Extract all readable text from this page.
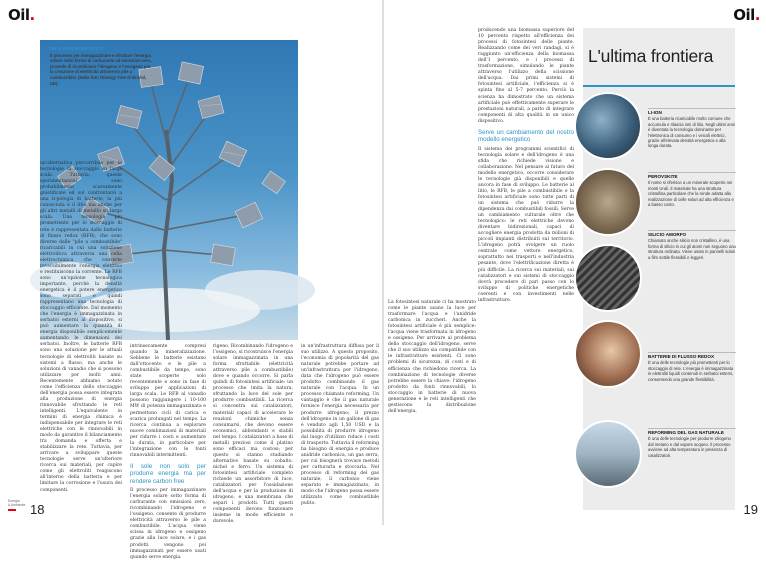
Oil.	Oil.
UN ALBERO ENERGETICO
Il processo per immagazzinare e sfruttare l'energia solare sotto forma di carburante ad emissioni zero, provede di ricombinare l'idrogeno e l'ossigeno per la creazione di elettricità attraverso pile a combustibile. (Nella foto l'Energy Tree di Bristol, UK).

un'alternativa percorribile per le tecnologie di stoccaggio su larga scala. Tuttavia, queste sperimentazioni sono probabilmente scarsamente giustificate ed sul confrontarsi a una ti-pologia di batterie, la più conosciuta è il litio ma anche per gli altri metalli di metallo su larga scala. Una tecnologia più promettente per lo stoccaggio di rete è rappresentata dalle batterie di flusso redox (RFB), che sono diverse dalle "pile a combustibile" ricaricabili in cui una soluzione elettrolitica attraversa una cella elettrochimica che converte reversibilmente l'energia elettrica e restituiscono la corrente. Le RFB sono un'opzione tecnologica importante, perché la densità energetica è il potere energetico sono separati e quindi rappresentano una tecnologia di stoccaggio efficiente. Dal momento che l'energia è immagazzinata in serbatoi esterni al dispositivo, si può aumentare la quantità di energia disponibile semplicemente aumentando le dimensioni dei serbatoi. Inoltre, le batterie RFB sono una soluzione per le attuali tecnologie di elettroliti basate su sistemi a flusso, ma anche le soluzioni di vanadio che si possono utilizzare per molti anni. Recentemente abbiamo notato come l'efficienza dello stoccaggio dell'energia possa essere integrata alla produzione di energia rinnovabile sfruttando le reti intelligenti. L'equivalente in termini di energia chimica è indispensabile per integrare le reti elettriche con le rinnovabili in modo da garantire il bilanciamento tra domanda e offerta e stabilizzare la rete. Tuttavia, per arrivare a sviluppare queste tecnologie serve un'ulteriore ricerca sui materiali, per capire come gli elettroliti reagiscono all'interno della batteria e per limitare la corrosione e l'usura dei componenti.

intrinsecamente compresi quando la mineralizzazione. Sebbene le batterie esistano dall'ottocento e le pile a combustibile da tempo, sono state scoperte solo recentemente e sono in fase di sviluppo per applicazioni di larga scala. Le RFB al vanadio possono raggiungere i 10-100 MW di potenza immagazzinata e permettono cicli di carica e scarica prolungati nel tempo. La ricerca continua a esplorare nuove combinazioni di materiali per ridurre i costi e aumentare la durata, in particolare per l'integrazione con le fonti rinnovabili intermittenti.

Il sole non solo per produrre energia ma per rendere carbon free

Il processo per immagazzinare l'energia solare sotto forma di carburante con emissioni zero, ricombinando l'idrogeno e l'ossigeno, consente di produrre elettricità attraverso le pile a combustibile. L'acqua viene scissa in idrogeno e ossigeno grazie alla luce solare, e i gas prodotti vengono poi immagazzinati per essere usati quando serve energia.

rigeno. Ricombinando l'idrogeno e l'ossigeno, si ricostruisce l'energia solare immagazzinata in una forma sfruttabile (elettricità attraverso pile a combustibile) dove e quando occorre. Si parla quindi di fotosintesi artificiale: un processo che imita la natura, sfruttando la luce del sole per produrre combustibili. La ricerca si concentra sui catalizzatori, materiali capaci di accelerare le reazioni chimiche senza consumarsi, che devono essere economici, abbondanti e stabili nel tempo. I catalizzatori a base di metalli preziosi come il platino sono efficaci ma costosi; per questo si stanno studiando alternative basate su cobalto, nichel e ferro. Un sistema di fotosintesi artificiale completo richiede un assorbitore di luce, catalizzatori per l'ossidazione dell'acqua e per la produzione di idrogeno, e una membrana che separi i prodotti. Tutti questi componenti devono funzionare insieme in modo efficiente e durevole.

in un'infrastruttura diffusa per il suo utilizzo. A questo proposito, l'economia di popolarità del gas naturale potrebbe portare ad un'infrastruttura per l'idrogeno, data che l'idrogeno può essere prodotto combinando il gas naturale con l'acqua. In un processo chiamato reforming. Un vantaggio è che il gas naturale fornisce l'energia necessaria per produrre idrogeno; il prezzo dell'idrogeno in un gallone di gas è venduto agli 1,50 USD e la possibilità di produrre idrogeno dal luogo d'utilizzo riduce i costi di trasporto. Tuttavia il reforming ha bisogno di energia e produce anidride carbonica, un gas serra, per cui bisognerà trovare metodi per catturarla e stoccarla. Nel processo di reforming del gas naturale, il carbonio viene separato e immagazzinato, in modo che l'idrogeno possa essere utilizzato come combustibile pulito.

La fotosintesi naturale ci ha mostrato come le piante usano la luce per trasformare l'acqua e l'anidride carbonica in zuccheri. Anche la fotosintesi artificiale è più semplice: l'acqua viene trasformata in idrogeno e ossigeno. Per arrivare al problema dello stoccaggio dell'idrogeno, serve che il suo utilizzo sia compatibile con le infrastrutture esistenti. Ci sono problemi di sicurezza, di costi e di efficienza che richiedono ricerca. La combinazione di tecnologie diverse potrebbe essere la chiave: l'idrogeno prodotto da fonti rinnovabili, lo stoccaggio in batterie di nuova generazione e le reti intelligenti che gestiscono la distribuzione dell'energia.

producendo una biomassa superiore del 10 percento rispetto all'efficienza dei processi di fotosintesi delle piante. Realizzando come dei veri randagi, si è raggiunto un'efficienza della biomassa dell'1 percento, e i processi di trasformazione, simulando le piante attraverso l'utilizzo della scissione dell'acqua. Dai primi sistemi di fotosintesi artificiale, l'efficienza si è spinta fino al 5-7 percento. Perciò la scienza ha dimostrato che un sistema artificiale può effettivamente superare le prestazioni naturali, a patto di integrare componenti di alta qualità in un unico dispositivo.

Serve un cambiamento del nostro modello energetico

Il sistema dei programmi scientifici di tecnologia solare e dell'idrogeno è una sfida che richiede visione e collaborazione. Nel pensare al futuro del modello energetico, occorre considerare le tecnologie già disponibili e quelle ancora in fase di sviluppo. Le batterie al litio, le RFB, le pile a combustibile e la fotosintesi artificiale sono tutte parti di un sistema che può ridurre la dipendenza dai combustibili fossili. Serve un cambiamento culturale oltre che tecnologico: le reti elettriche devono diventare bidirezionali, capaci di accogliere energia prodotta da milioni di piccoli impianti distribuiti sul territorio. L'idrogeno potrà svolgere un ruolo centrale come vettore energetico, soprattutto nei trasporti e nell'industria pesante, dove l'elettrificazione diretta è più difficile. La ricerca sui materiali, sui catalizzatori e sui sistemi di stoccaggio dovrà procedere di pari passo con lo sviluppo di politiche energetiche coerenti e con investimenti nelle infrastrutture.

18	19
Energia
& Ambiente
L'ultima frontiera
LI-ION
È una batteria ricaricabile molto comune che accumula e rilascia ioni di litio. Negli ultimi anni è diventata la tecnologia dominante per l'elettronica di consumo e i veicoli elettrici, grazie all'elevata densità energetica e alla lunga durata.
PEROVSKITE
Il nome si riferisce a un minerale scoperto nei monti Urali. Il materiale ha una struttura cristallina particolare che la rende adatta alla realizzazione di celle solari ad alta efficienza e a basso costo.
SILICIO AMORFO
Chiamato anche silicio non cristallino, è una forma di silicio in cui gli atomi non seguono una struttura ordinata. Viene usato in pannelli solari a film sottile flessibili e leggeri.
BATTERIE DI FLUSSO REDOX
È una delle tecnologie più promettenti per lo stoccaggio di rete. L'energia è immagazzinata in elettroliti liquidi contenuti in serbatoi esterni, consentendo una grande flessibilità.
REFORMING DEL GAS NATURALE
È una delle tecnologie per produrre idrogeno dal metano e dal vapore acqueo. Il processo avviene ad alta temperatura in presenza di catalizzatori.
